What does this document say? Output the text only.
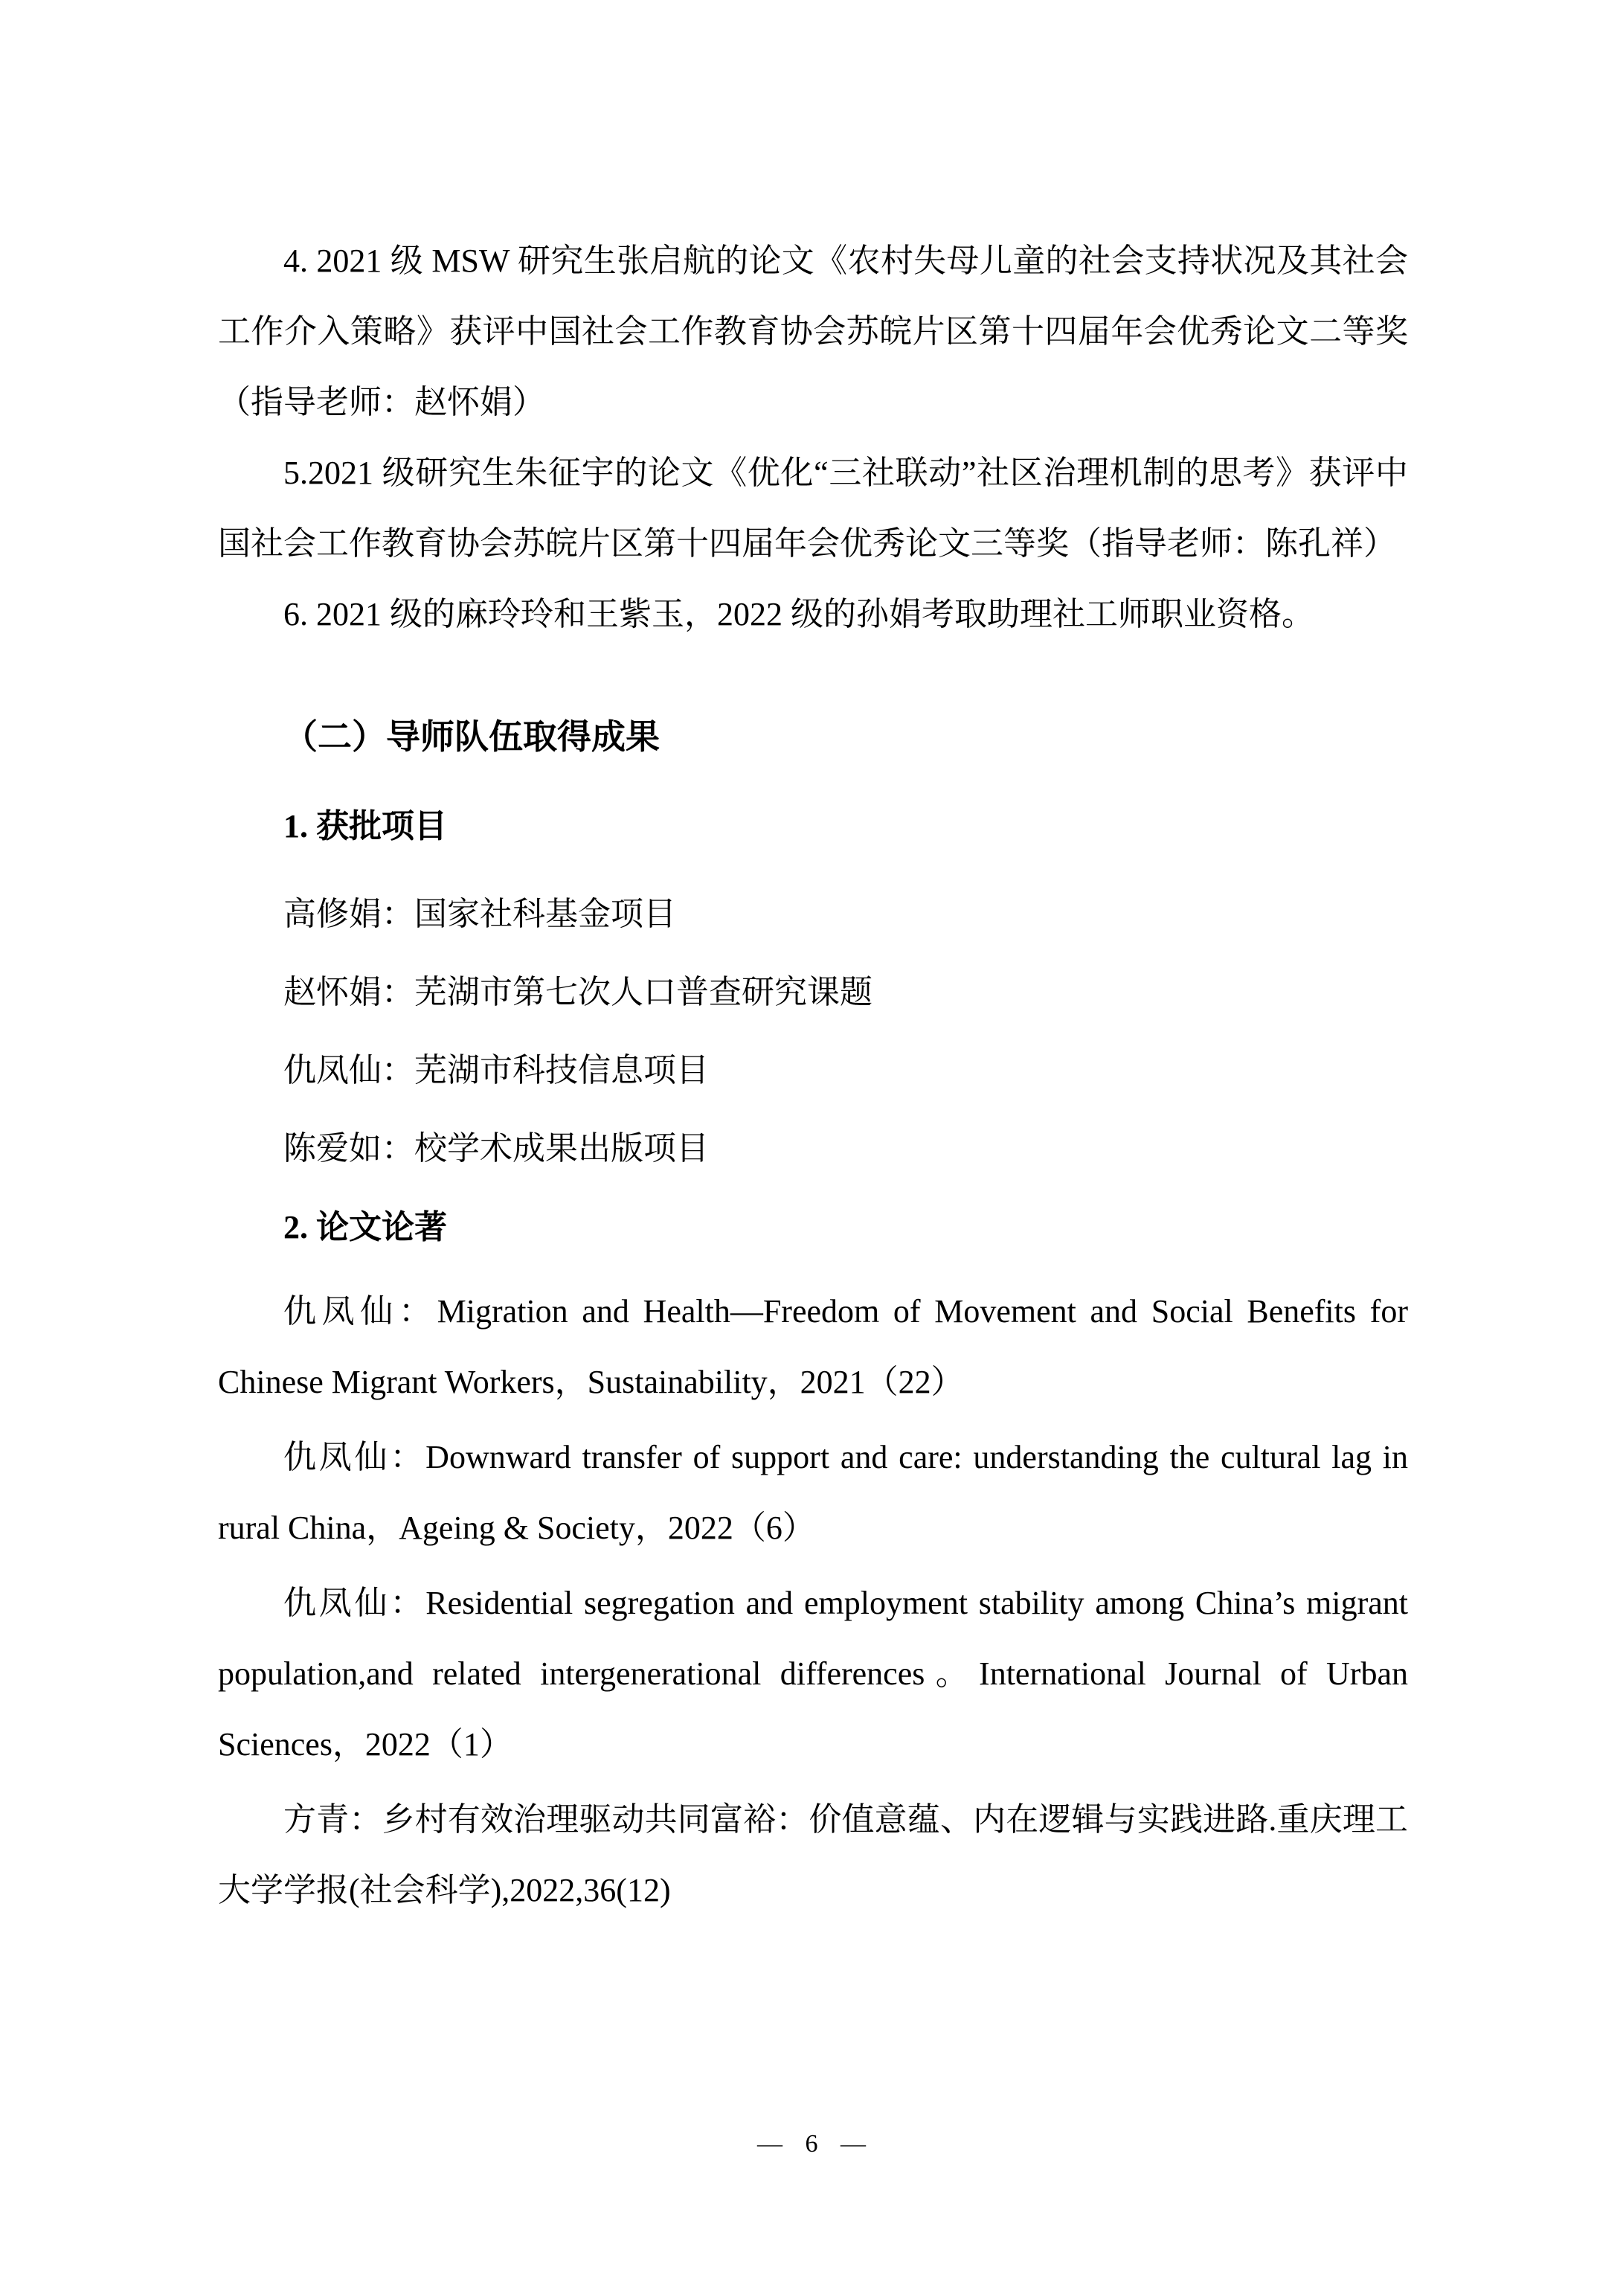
4. 2021 级 MSW 研究生张启航的论文《农村失母儿童的社会支持状况及其社会工作介入策略》获评中国社会工作教育协会苏皖片区第十四届年会优秀论文二等奖（指导老师：赵怀娟）

5.2021 级研究生朱征宇的论文《优化“三社联动”社区治理机制的思考》获评中国社会工作教育协会苏皖片区第十四届年会优秀论文三等奖（指导老师：陈孔祥）

6. 2021 级的麻玲玲和王紫玉，2022 级的孙娟考取助理社工师职业资格。

（二）导师队伍取得成果
1. 获批项目

高修娟：国家社科基金项目

赵怀娟：芜湖市第七次人口普查研究课题

仇凤仙：芜湖市科技信息项目

陈爱如：校学术成果出版项目

2. 论文论著

仇凤仙：Migration and Health—Freedom of Movement and Social Benefits for Chinese Migrant Workers，Sustainability，2021（22）

仇凤仙：Downward transfer of support and care: understanding the cultural lag in rural China，Ageing & Society，2022（6）

仇凤仙：Residential segregation and employment stability among China’s migrant population,and related intergenerational differences。International Journal of Urban Sciences，2022（1）

方青：乡村有效治理驱动共同富裕：价值意蕴、内在逻辑与实践进路.重庆理工大学学报(社会科学),2022,36(12)

— 6 —
